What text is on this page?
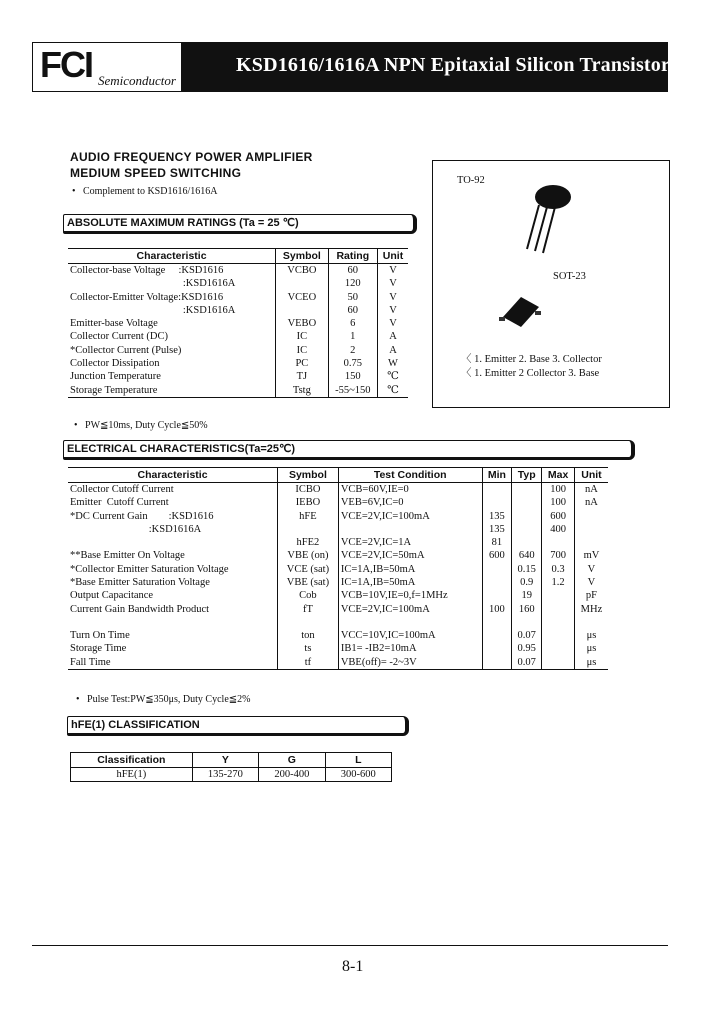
FCI Semiconductor
KSD1616/1616A NPN Epitaxial Silicon Transistors
AUDIO FREQUENCY POWER AMPLIFIER
MEDIUM SPEED SWITCHING
•   Complement to KSD1616/1616A
TO-92
SOT-23
〈 1. Emitter 2. Base 3. Collector
〈 1. Emitter 2 Collector 3. Base
ABSOLUTE MAXIMUM RATINGS (Ta = 25 ℃)
Characteristic	Symbol	Rating	Unit
Collector-base Voltage     :KSD1616	VCBO	60	V
:KSD1616A		120	V
Collector-Emitter Voltage:KSD1616	VCEO	50	V
:KSD1616A		60	V
Emitter-base Voltage	VEBO	6	V
Collector Current (DC)	IC	1	A
*Collector Current (Pulse)	IC	2	A
Collector Dissipation	PC	0.75	W
Junction Temperature	TJ	150	℃
Storage Temperature	Tstg	-55~150	℃
•   PW≦10ms, Duty Cycle≦50%
ELECTRICAL CHARACTERISTICS(Ta=25℃)
Characteristic	Symbol	Test Condition	Min	Typ	Max	Unit
Collector Cutoff Current	ICBO	VCB=60V,IE=0			100	nA
Emitter  Cutoff Current	IEBO	VEB=6V,IC=0			100	nA
*DC Current Gain        :KSD1616	hFE	VCE=2V,IC=100mA	135		600	
:KSD1616A			135		400	
	hFE2	VCE=2V,IC=1A	81			
**Base Emitter On Voltage	VBE (on)	VCE=2V,IC=50mA	600	640	700	mV
*Collector Emitter Saturation Voltage	VCE (sat)	IC=1A,IB=50mA		0.15	0.3	V
*Base Emitter Saturation Voltage	VBE (sat)	IC=1A,IB=50mA		0.9	1.2	V
Output Capacitance	Cob	VCB=10V,IE=0,f=1MHz		19		pF
Current Gain Bandwidth Product	fT	VCE=2V,IC=100mA	100	160		MHz

Turn On Time	ton	VCC=10V,IC=100mA		0.07		μs
Storage Time	ts	IB1= -IB2=10mA		0.95		μs
Fall Time	tf	VBE(off)= -2~3V		0.07		μs
•   Pulse Test:PW≦350μs, Duty Cycle≦2%
hFE(1) CLASSIFICATION
Classification	Y	G	L
hFE(1)	135-270	200-400	300-600
8-1
